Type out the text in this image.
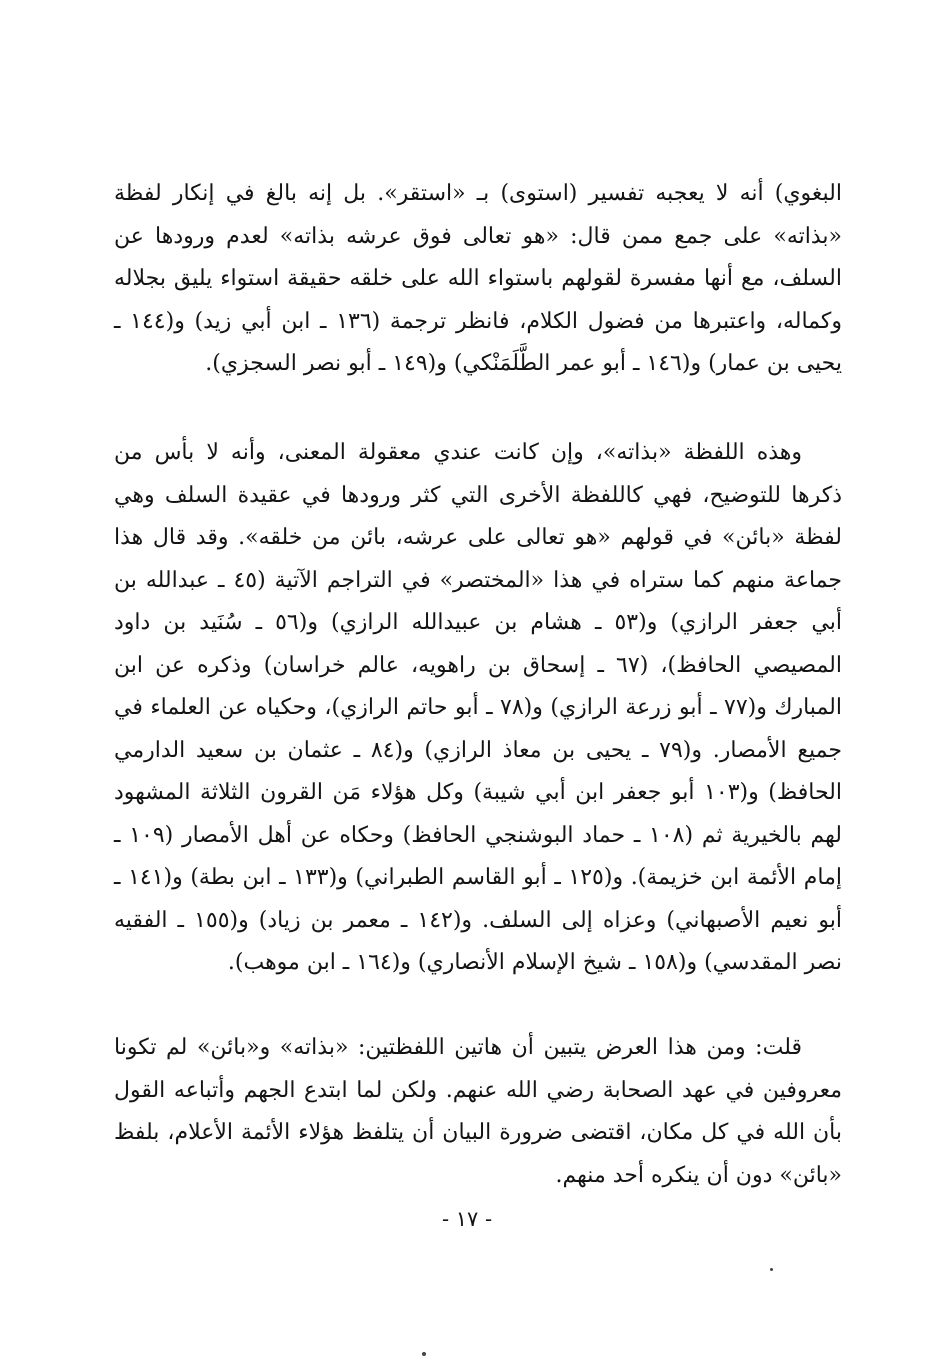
البغوي) أنه لا يعجبه تفسير (استوى) بـ «استقر». بل إنه بالغ في إنكار لفظة «بذاته» على جمع ممن قال: «هو تعالى فوق عرشه بذاته» لعدم ورودها عن السلف، مع أنها مفسرة لقولهم باستواء الله على خلقه حقيقة استواء يليق بجلاله وكماله، واعتبرها من فضول الكلام، فانظر ترجمة (١٣٦ ـ ابن أبي زيد) و(١٤٤ ـ يحيى بن عمار) و(١٤٦ ـ أبو عمر الطَّلَمَنْكي) و(١٤٩ ـ أبو نصر السجزي).

وهذه اللفظة «بذاته»، وإن كانت عندي معقولة المعنى، وأنه لا بأس من ذكرها للتوضيح، فهي كاللفظة الأخرى التي كثر ورودها في عقيدة السلف وهي لفظة «بائن» في قولهم «هو تعالى على عرشه، بائن من خلقه». وقد قال هذا جماعة منهم كما ستراه في هذا «المختصر» في التراجم الآتية (٤٥ ـ عبدالله بن أبي جعفر الرازي) و(٥٣ ـ هشام بن عبيدالله الرازي) و(٥٦ ـ سُنَيد بن داود المصيصي الحافظ)، (٦٧ ـ إسحاق بن راهويه، عالم خراسان) وذكره عن ابن المبارك و(٧٧ ـ أبو زرعة الرازي) و(٧٨ ـ أبو حاتم الرازي)، وحكياه عن العلماء في جميع الأمصار. و(٧٩ ـ يحيى بن معاذ الرازي) و(٨٤ ـ عثمان بن سعيد الدارمي الحافظ) و(١٠٣ أبو جعفر ابن أبي شيبة) وكل هؤلاء مَن القرون الثلاثة المشهود لهم بالخيرية ثم (١٠٨ ـ حماد البوشنجي الحافظ) وحكاه عن أهل الأمصار (١٠٩ ـ إمام الأئمة ابن خزيمة). و(١٢٥ ـ أبو القاسم الطبراني) و(١٣٣ ـ ابن بطة) و(١٤١ ـ أبو نعيم الأصبهاني) وعزاه إلى السلف. و(١٤٢ ـ معمر بن زياد) و(١٥٥ ـ الفقيه نصر المقدسي) و(١٥٨ ـ شيخ الإسلام الأنصاري) و(١٦٤ ـ ابن موهب).

قلت: ومن هذا العرض يتبين أن هاتين اللفظتين: «بذاته» و«بائن» لم تكونا معروفين في عهد الصحابة رضي الله عنهم. ولكن لما ابتدع الجهم وأتباعه القول بأن الله في كل مكان، اقتضى ضرورة البيان أن يتلفظ هؤلاء الأئمة الأعلام، بلفظ «بائن» دون أن ينكره أحد منهم.

- ١٧ -
